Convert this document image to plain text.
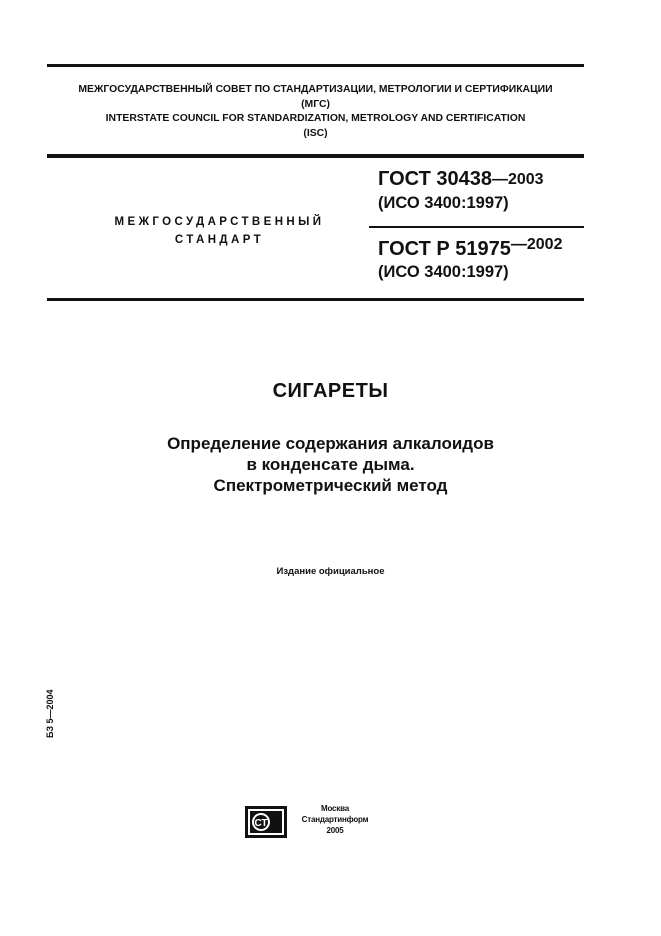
МЕЖГОСУДАРСТВЕННЫЙ СОВЕТ ПО СТАНДАРТИЗАЦИИ, МЕТРОЛОГИИ И СЕРТИФИКАЦИИ
(МГС)
INTERSTATE COUNCIL FOR STANDARDIZATION, METROLOGY AND CERTIFICATION
(ISC)
МЕЖГОСУДАРСТВЕННЫЙ
СТАНДАРТ
ГОСТ 30438—2003
(ИСО 3400:1997)
ГОСТ Р 51975—2002
(ИСО 3400:1997)
СИГАРЕТЫ
Определение содержания алкалоидов
в конденсате дыма.
Спектрометрический метод
Издание официальное
БЗ 5—2004
СТ
Москва
Стандартинформ
2005
